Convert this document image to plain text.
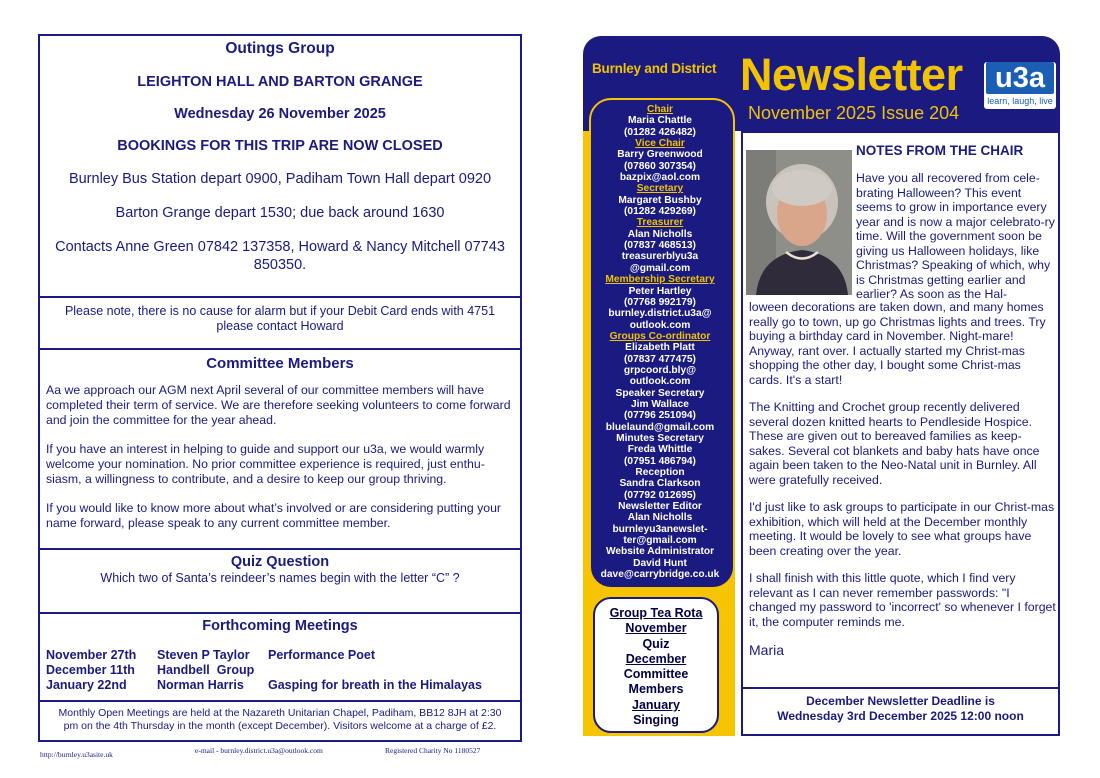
Outings Group

LEIGHTON HALL AND BARTON GRANGE

Wednesday 26 November 2025

BOOKINGS FOR THIS TRIP ARE NOW CLOSED

Burnley Bus Station depart 0900, Padiham Town Hall depart 0920

Barton Grange depart 1530; due back around 1630

Contacts Anne Green 07842 137358, Howard & Nancy Mitchell 07743 850350.

Please note, there is no cause for alarm but if your Debit Card ends with 4751 please contact Howard
Committee Members

Aa we approach our AGM next April several of our committee members will have completed their term of service. We are therefore seeking volunteers to come forward and join the committee for the year ahead.

If you have an interest in helping to guide and support our u3a, we would warmly welcome your nomination. No prior committee experience is required, just enthu-siasm, a willingness to contribute, and a desire to keep our group thriving.

If you would like to know more about what’s involved or are considering putting your name forward, please speak to any current committee member.

Quiz Question
Which two of Santa’s reindeer’s names begin with the letter “C” ?
Forthcoming Meetings
November 27th	Steven P Taylor	Performance Poet
December 11th	Handbell  Group
January 22nd	Norman Harris	Gasping for breath in the Himalayas
Monthly Open Meetings are held at the Nazareth Unitarian Chapel, Padiham, BB12 8JH at 2:30 pm on the 4th Thursday in the month (except December). Visitors welcome at a charge of £2.
http://burnley.u3asite.uk	e-mail - burnley.district.u3a@outlook.com	Registered Charity No 1180527
Burnley and District Newsletter
November 2025 Issue 204
u3a
learn, laugh, live
Chair
Maria Chattle
(01282 426482)
Vice Chair
Barry Greenwood
(07860 307354)
bazpix@aol.com
Secretary
Margaret Bushby
(01282 429269)
Treasurer
Alan Nicholls
(07837 468513)
treasurerblyu3a
@gmail.com
Membership Secretary
Peter Hartley
(07768 992179)
burnley.district.u3a@
outlook.com
Groups Co-ordinator
Elizabeth Platt
(07837 477475)
grpcoord.bly@
outlook.com
Speaker Secretary
Jim Wallace
(07796 251094)
bluelaund@gmail.com
Minutes Secretary
Freda Whittle
(07951 486794)
Reception
Sandra Clarkson
(07792 012695)
Newsletter Editor
Alan Nicholls
burnleyu3anewslet-
ter@gmail.com
Website Administrator
David Hunt
dave@carrybridge.co.uk
Group Tea Rota
November
Quiz
December
Committee
Members
January
Singing
NOTES FROM THE CHAIR
Have you all recovered from cele-brating Halloween? This event seems to grow in importance every year and is now a major celebrato-ry time. Will the government soon be giving us Halloween holidays, like Christmas? Speaking of which, why is Christmas getting earlier and earlier? As soon as the Hal-
loween decorations are taken down, and many homes really go to town, up go Christmas lights and trees. Try buying a birthday card in November. Night-mare! Anyway, rant over. I actually started my Christ-mas shopping the other day, I bought some Christ-mas cards. It's a start!
The Knitting and Crochet group recently delivered several dozen knitted hearts to Pendleside Hospice. These are given out to bereaved families as keep-sakes. Several cot blankets and baby hats have once again been taken to the Neo-Natal unit in Burnley. All were gratefully received.
I'd just like to ask groups to participate in our Christ-mas exhibition, which will held at the December monthly meeting. It would be lovely to see what groups have been creating over the year.
I shall finish with this little quote, which I find very relevant as I can never remember passwords: "I changed my password to 'incorrect' so whenever I forget it, the computer reminds me.
Maria
December Newsletter Deadline is
Wednesday 3rd December 2025 12:00 noon
